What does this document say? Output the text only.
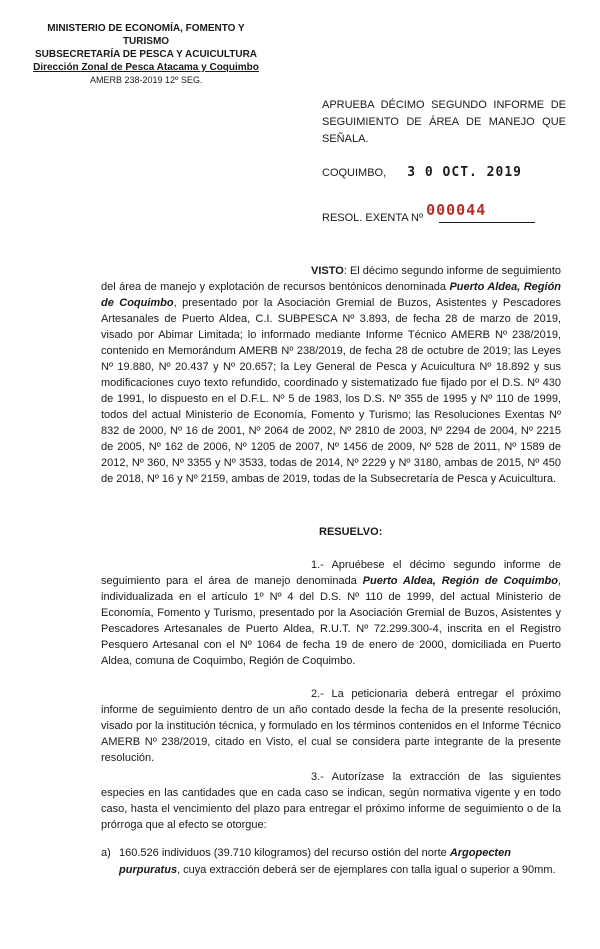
MINISTERIO DE ECONOMÍA, FOMENTO Y TURISMO
SUBSECRETARÍA DE PESCA Y ACUICULTURA
Dirección Zonal de Pesca Atacama y Coquimbo
AMERB 238-2019 12º SEG.
APRUEBA DÉCIMO SEGUNDO INFORME DE SEGUIMIENTO DE ÁREA DE MANEJO QUE SEÑALA.
COQUIMBO, 3 0 OCT. 2019
RESOL. EXENTA Nº 000044
VISTO: El décimo segundo informe de seguimiento del área de manejo y explotación de recursos bentónicos denominada Puerto Aldea, Región de Coquimbo, presentado por la Asociación Gremial de Buzos, Asistentes y Pescadores Artesanales de Puerto Aldea, C.I. SUBPESCA Nº 3.893, de fecha 28 de marzo de 2019, visado por Abimar Limitada; lo informado mediante Informe Técnico AMERB Nº 238/2019, contenido en Memorándum AMERB Nº 238/2019, de fecha 28 de octubre de 2019; las Leyes Nº 19.880, Nº 20.437 y Nº 20.657; la Ley General de Pesca y Acuicultura Nº 18.892 y sus modificaciones cuyo texto refundido, coordinado y sistematizado fue fijado por el D.S. Nº 430 de 1991, lo dispuesto en el D.F.L. Nº 5 de 1983, los D.S. Nº 355 de 1995 y Nº 110 de 1999, todos del actual Ministerio de Economía, Fomento y Turismo; las Resoluciones Exentas Nº 832 de 2000, Nº 16 de 2001, Nº 2064 de 2002, Nº 2810 de 2003, Nº 2294 de 2004, Nº 2215 de 2005, Nº 162 de 2006, Nº 1205 de 2007, Nº 1456 de 2009, Nº 528 de 2011, Nº 1589 de 2012, Nº 360, Nº 3355 y Nº 3533, todas de 2014, Nº 2229 y Nº 3180, ambas de 2015, Nº 450 de 2018, Nº 16 y Nº 2159, ambas de 2019, todas de la Subsecretaría de Pesca y Acuicultura.
RESUELVO:
1.- Apruébese el décimo segundo informe de seguimiento para el área de manejo denominada Puerto Aldea, Región de Coquimbo, individualizada en el artículo 1º Nº 4 del D.S. Nº 110 de 1999, del actual Ministerio de Economía, Fomento y Turismo, presentado por la Asociación Gremial de Buzos, Asistentes y Pescadores Artesanales de Puerto Aldea, R.U.T. Nº 72.299.300-4, inscrita en el Registro Pesquero Artesanal con el Nº 1064 de fecha 19 de enero de 2000, domiciliada en Puerto Aldea, comuna de Coquimbo, Región de Coquimbo.
2.- La peticionaria deberá entregar el próximo informe de seguimiento dentro de un año contado desde la fecha de la presente resolución, visado por la institución técnica, y formulado en los términos contenidos en el Informe Técnico AMERB Nº 238/2019, citado en Visto, el cual se considera parte integrante de la presente resolución.
3.- Autorízase la extracción de las siguientes especies en las cantidades que en cada caso se indican, según normativa vigente y en todo caso, hasta el vencimiento del plazo para entregar el próximo informe de seguimiento o de la prórroga que al efecto se otorgue:
a) 160.526 individuos (39.710 kilogramos) del recurso ostión del norte Argopecten purpuratus, cuya extracción deberá ser de ejemplares con talla igual o superior a 90mm.
